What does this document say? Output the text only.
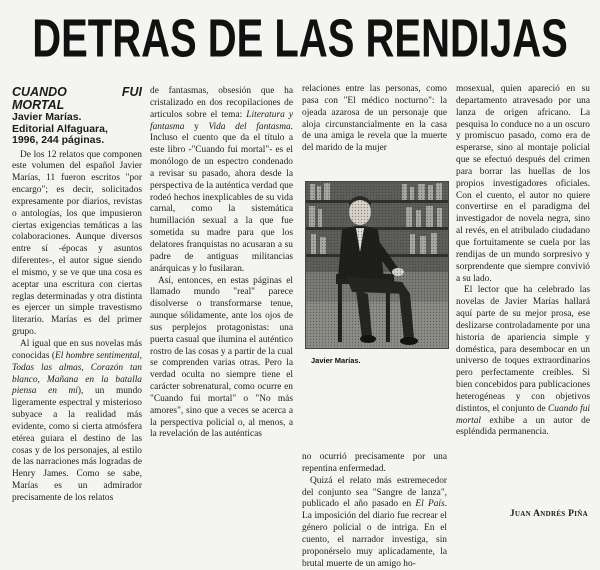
DETRAS DE LAS RENDIJAS
CUANDO FUI MORTAL
Javier Marías.
Editorial Alfaguara,
1996, 244 páginas.

De los 12 relatos que componen este volumen del español Javier Marías, 11 fueron escritos "por encargo"; es decir, solicitados expresamente por diarios, revistas o antologías, los que impusieron ciertas exigencias temáticas a las colaboraciones. Aunque diversos entre sí -épocas y asuntos diferentes-, el autor sigue siendo el mismo, y se ve que una cosa es aceptar una escritura con ciertas reglas determinadas y otra distinta es ejercer un simple travestismo literario. Marías es del primer grupo.

Al igual que en sus novelas más conocidas (El hombre sentimental, Todas las almas, Corazón tan blanco, Mañana en la batalla piensa en mí), un mundo ligeramente espectral y misterioso subyace a la realidad más evidente, como si cierta atmósfera etérea guiara el destino de las cosas y de los personajes, al estilo de las narraciones más logradas de Henry James. Como se sabe, Marías es un admirador precisamente de los relatos

de fantasmas, obsesión que ha cristalizado en dos recopilaciones de artículos sobre el tema: Literatura y fantasma y Vida del fantasma. Incluso el cuento que da el título a este libro -"Cuando fui mortal"- es el monólogo de un espectro condenado a revisar su pasado, ahora desde la perspectiva de la auténtica verdad que rodeó hechos inexplicables de su vida carnal, como la sistemática humillación sexual a la que fue sometida su madre para que los delatores franquistas no acusaran a su padre de antiguas militancias anárquicas y lo fusilaran.

Así, entonces, en estas páginas el llamado mundo "real" parece disolverse o transformarse tenue, aunque sólidamente, ante los ojos de sus perplejos protagonistas: una puerta casual que ilumina el auténtico rostro de las cosas y a partir de la cual se comprenden varias otras. Pero la verdad oculta no siempre tiene el carácter sobrenatural, como ocurre en "Cuando fui mortal" o "No más amores", sino que a veces se acerca a la perspectiva policial o, al menos, a la revelación de las auténticas

relaciones entre las personas, como pasa con "El médico nocturno": la ojeada azarosa de un personaje que aloja circunstancialmente en la casa de una amiga le revela que la muerte del marido de la mujer

no ocurrió precisamente por una repentina enfermedad.

Quizá el relato más estremecedor del conjunto sea "Sangre de lanza", publicado el año pasado en El País. La imposición del diario fue recrear el género policial o de intriga. En el cuento, el narrador investiga, sin proponérselo muy aplicadamente, la brutal muerte de un amigo ho-

Javier Marías.

mosexual, quien apareció en su departamento atravesado por una lanza de origen africano. La pesquisa lo conduce no a un oscuro y promiscuo pasado, como era de esperarse, sino al montaje policial que se efectuó después del crimen para borrar las huellas de los propios investigadores oficiales. Con el cuento, el autor no quiere convertirse en el paradigma del investigador de novela negra, sino al revés, en el atribulado ciudadano que fortuitamente se cuela por las rendijas de un mundo sorpresivo y sorprendente que siempre convivió a su lado.

El lector que ha celebrado las novelas de Javier Marías hallará aquí parte de su mejor prosa, ese deslizarse controladamente por una historia de apariencia simple y doméstica, para desembocar en un universo de toques extraordinarios pero perfectamente creíbles. Si bien concebidos para publicaciones heterogéneas y con objetivos distintos, el conjunto de Cuando fui mortal exhibe a un autor de espléndida permanencia.

Juan Andrés Piña
